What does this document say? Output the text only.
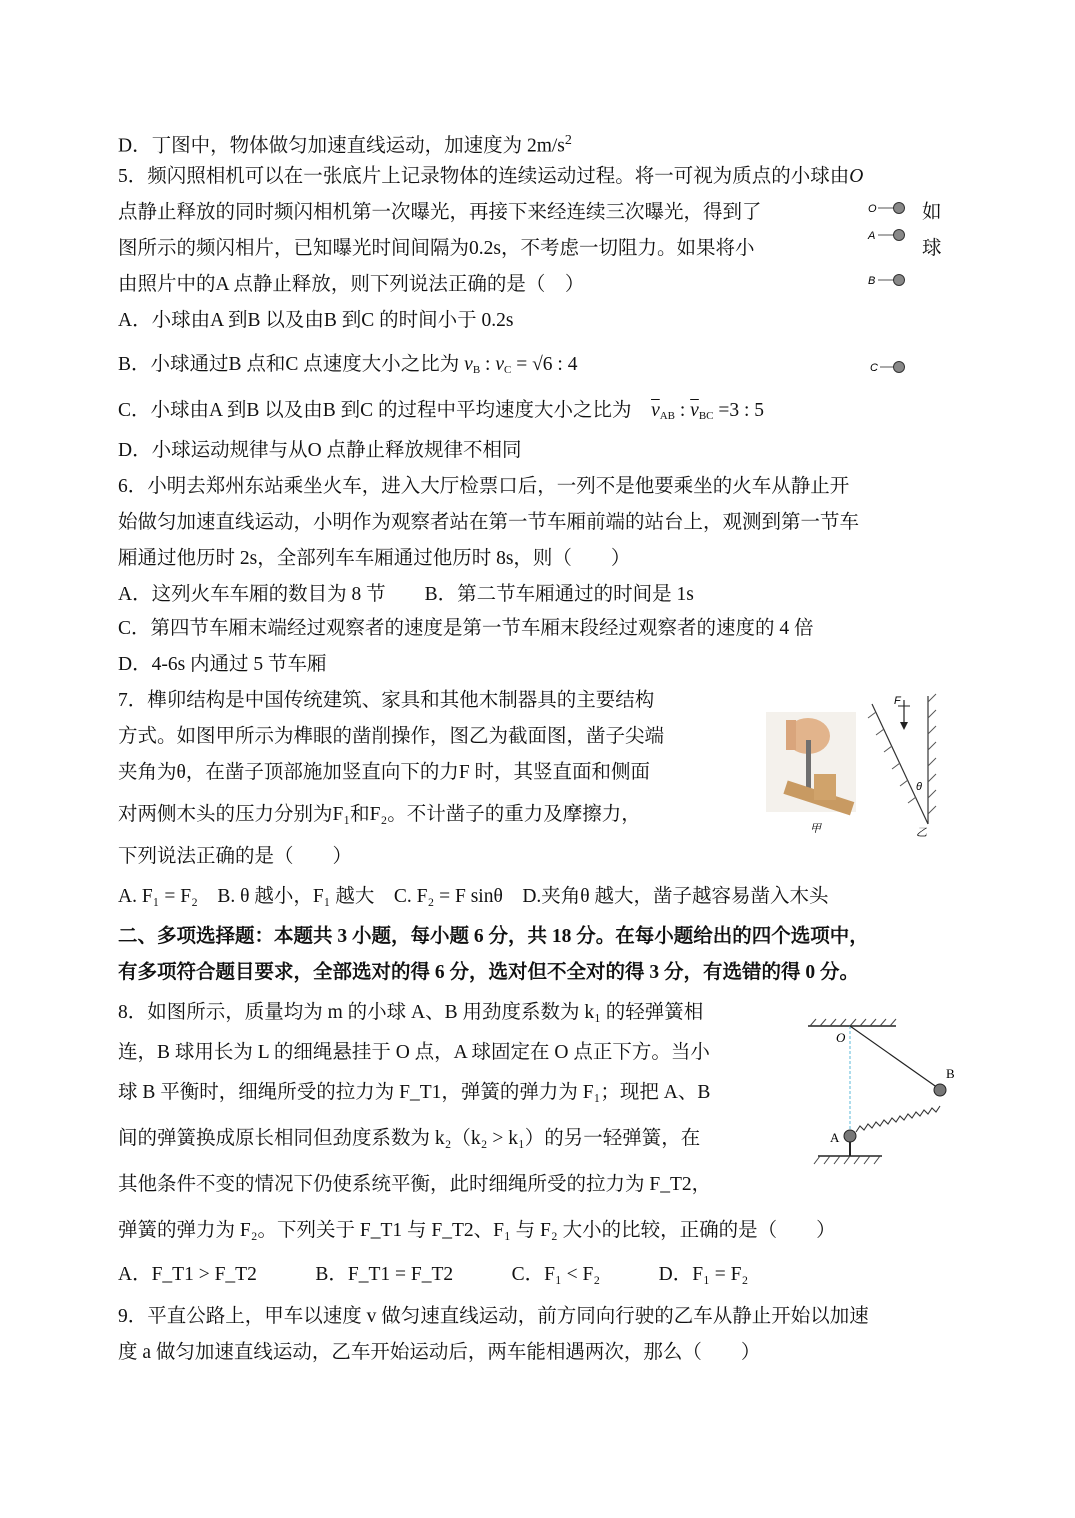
D．丁图中，物体做匀加速直线运动，加速度为 $2m/s^2$
5．频闪照相机可以在一张底片上记录物体的连续运动过程。将一可视为质点的小球由O
点静止释放的同时频闪相机第一次曝光，再接下来经连续三次曝光，得到了	如
图所示的频闪相片，已知曝光时间间隔为0.2s，不考虑一切阻力。如果将小	球
由照片中的A 点静止释放，则下列说法正确的是（　）
A．小球由A 到B 以及由B 到C 的时间小于 0.2s
B．小球通过B 点和C 点速度大小之比为 $v_B$ : $v_C = √6$ : 4
C．小球由A 到B 以及由B 到C 的过程中平均速度大小之比为　 $\overline{v}_{AB}$ : $\overline{v}_{BC} =3$ : 5
D．小球运动规律与从O 点静止释放规律不相同
O
A
B
C
6．小明去郑州东站乘坐火车，进入大厅检票口后，一列不是他要乘坐的火车从静止开
始做匀加速直线运动，小明作为观察者站在第一节车厢前端的站台上，观测到第一节车
厢通过他历时 2s，全部列车车厢通过他历时 8s，则（　　）
A．这列火车车厢的数目为 8 节　　B．第二节车厢通过的时间是 1s
C．第四节车厢末端经过观察者的速度是第一节车厢末段经过观察者的速度的 4 倍
D．4-6s 内通过 5 节车厢
7．榫卯结构是中国传统建筑、家具和其他木制器具的主要结构
方式。如图甲所示为榫眼的凿削操作，图乙为截面图，凿子尖端
夹角为θ，在凿子顶部施加竖直向下的力F 时，其竖直面和侧面
对两侧木头的压力分别为F₁和F₂。不计凿子的重力及摩擦力，
下列说法正确的是（　　）
A. F₁ = F₂　B. θ 越小，F₁ 越大　C. F₂ = F sinθ　D.夹角θ 越大，凿子越容易凿入木头
甲
F
θ
乙
二、多项选择题：本题共 3 小题，每小题 6 分，共 18 分。在每小题给出的四个选项中，
有多项符合题目要求，全部选对的得 6 分，选对但不全对的得 3 分，有选错的得 0 分。
8．如图所示，质量均为 m 的小球 A、B 用劲度系数为 k₁ 的轻弹簧相
连，B 球用长为 L 的细绳悬挂于 O 点，A 球固定在 O 点正下方。当小
球 B 平衡时，细绳所受的拉力为 F_T1，弹簧的弹力为 F₁；现把 A、B
间的弹簧换成原长相同但劲度系数为 k₂（k₂ > k₁）的另一轻弹簧，在
其他条件不变的情况下仍使系统平衡，此时细绳所受的拉力为 F_T2，
弹簧的弹力为 F₂。下列关于 F_T1 与 F_T2、F₁ 与 F₂ 大小的比较，正确的是（　　）
A．F_T1 > F_T2　　　B．F_T1 = F_T2　　　C．F₁ < F₂　　　D．F₁ = F₂
O
B
A
9．平直公路上，甲车以速度 v 做匀速直线运动，前方同向行驶的乙车从静止开始以加速
度 a 做匀加速直线运动，乙车开始运动后，两车能相遇两次，那么（　　）
